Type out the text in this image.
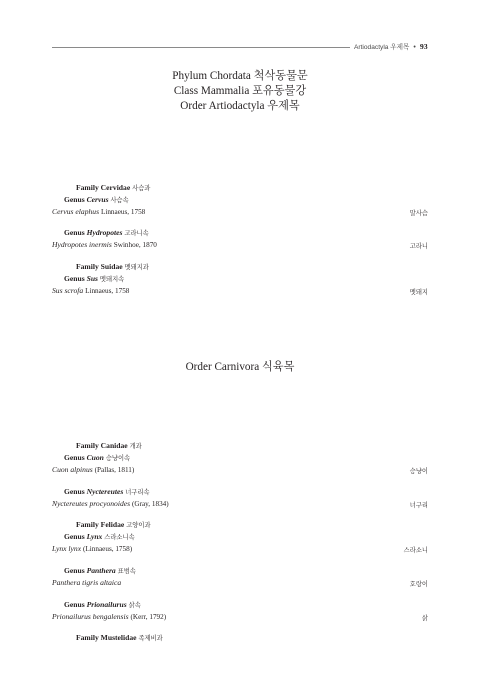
Artiodactyla 우제목 • 93
Phylum Chordata 척삭동물문
Class Mammalia 포유동물강
Order Artiodactyla 우제목
Family Cervidae 사슴과
Genus Cervus 사슴속
Cervus elaphus Linnaeus, 1758	말사슴
Genus Hydropotes 고라니속
Hydropotes inermis Swinhoe, 1870	고라니
Family Suidae 멧돼지과
Genus Sus 멧돼지속
Sus scrofa Linnaeus, 1758	멧돼지
Order Carnivora 식육목
Family Canidae 개과
Genus Cuon 승냥이속
Cuon alpinus (Pallas, 1811)	승냥이
Genus Nyctereutes 너구리속
Nyctereutes procyonoides (Gray, 1834)	너구리
Family Felidae 고양이과
Genus Lynx 스라소니속
Lynx lynx (Linnaeus, 1758)	스라소니
Genus Panthera 표범속
Panthera tigris altaica	호랑이
Genus Prionailurus 삵속
Prionailurus bengalensis (Kerr, 1792)	삵
Family Mustelidae 족제비과
